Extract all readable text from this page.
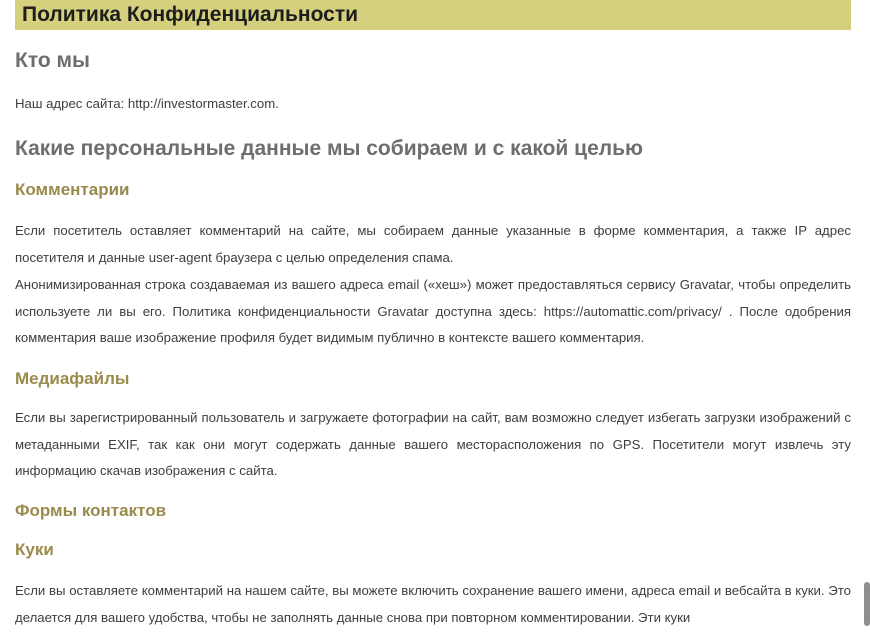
Политика Конфиденциальности
Кто мы

Наш адрес сайта: http://investormaster.com.

Какие персональные данные мы собираем и с какой целью
Комментарии

Если посетитель оставляет комментарий на сайте, мы собираем данные указанные в форме комментария, а также IP адрес посетителя и данные user-agent браузера с целью определения спама.

Анонимизированная строка создаваемая из вашего адреса email («хеш») может предоставляться сервису Gravatar, чтобы определить используете ли вы его. Политика конфиденциальности Gravatar доступна здесь: https://automattic.com/privacy/ . После одобрения комментария ваше изображение профиля будет видимым публично в контексте вашего комментария.

Медиафайлы

Если вы зарегистрированный пользователь и загружаете фотографии на сайт, вам возможно следует избегать загрузки изображений с метаданными EXIF, так как они могут содержать данные вашего месторасположения по GPS. Посетители могут извлечь эту информацию скачав изображения с сайта.

Формы контактов
Куки

Если вы оставляете комментарий на нашем сайте, вы можете включить сохранение вашего имени, адреса email и вебсайта в куки. Это делается для вашего удобства, чтобы не заполнять данные снова при повторном комментировании. Эти куки
